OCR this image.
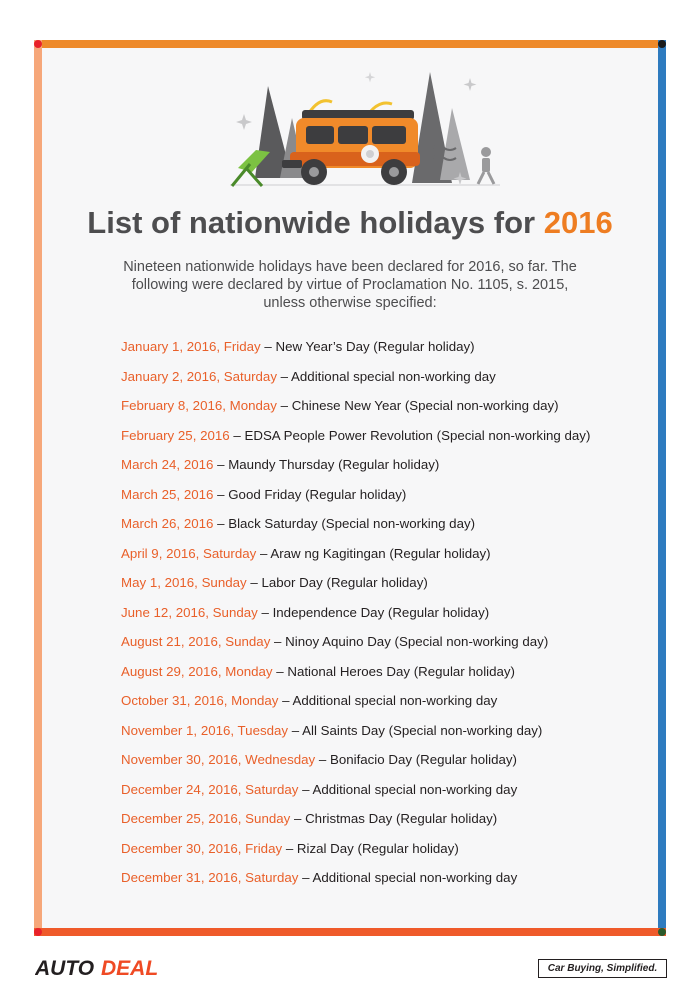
List of nationwide holidays for 2016
Nineteen nationwide holidays have been declared for 2016, so far. The following were declared by virtue of Proclamation No. 1105, s. 2015, unless otherwise specified:
January 1, 2016, Friday – New Year’s Day (Regular holiday)
January 2, 2016, Saturday – Additional special non-working day
February 8, 2016, Monday – Chinese New Year (Special non-working day)
February 25, 2016 – EDSA People Power Revolution (Special non-working day)
March 24, 2016 – Maundy Thursday (Regular holiday)
March 25, 2016 – Good Friday (Regular holiday)
March 26, 2016 – Black Saturday (Special non-working day)
April 9, 2016, Saturday – Araw ng Kagitingan (Regular holiday)
May 1, 2016, Sunday – Labor Day (Regular holiday)
June 12, 2016, Sunday – Independence Day (Regular holiday)
August 21, 2016, Sunday – Ninoy Aquino Day (Special non-working day)
August 29, 2016, Monday – National Heroes Day (Regular holiday)
October 31, 2016, Monday – Additional special non-working day
November 1, 2016, Tuesday – All Saints Day (Special non-working day)
November 30, 2016, Wednesday – Bonifacio Day (Regular holiday)
December 24, 2016, Saturday – Additional special non-working day
December 25, 2016, Sunday – Christmas Day (Regular holiday)
December 30, 2016, Friday – Rizal Day (Regular holiday)
December 31, 2016, Saturday – Additional special non-working day
AUTO DEAL	Car Buying, Simplified.
